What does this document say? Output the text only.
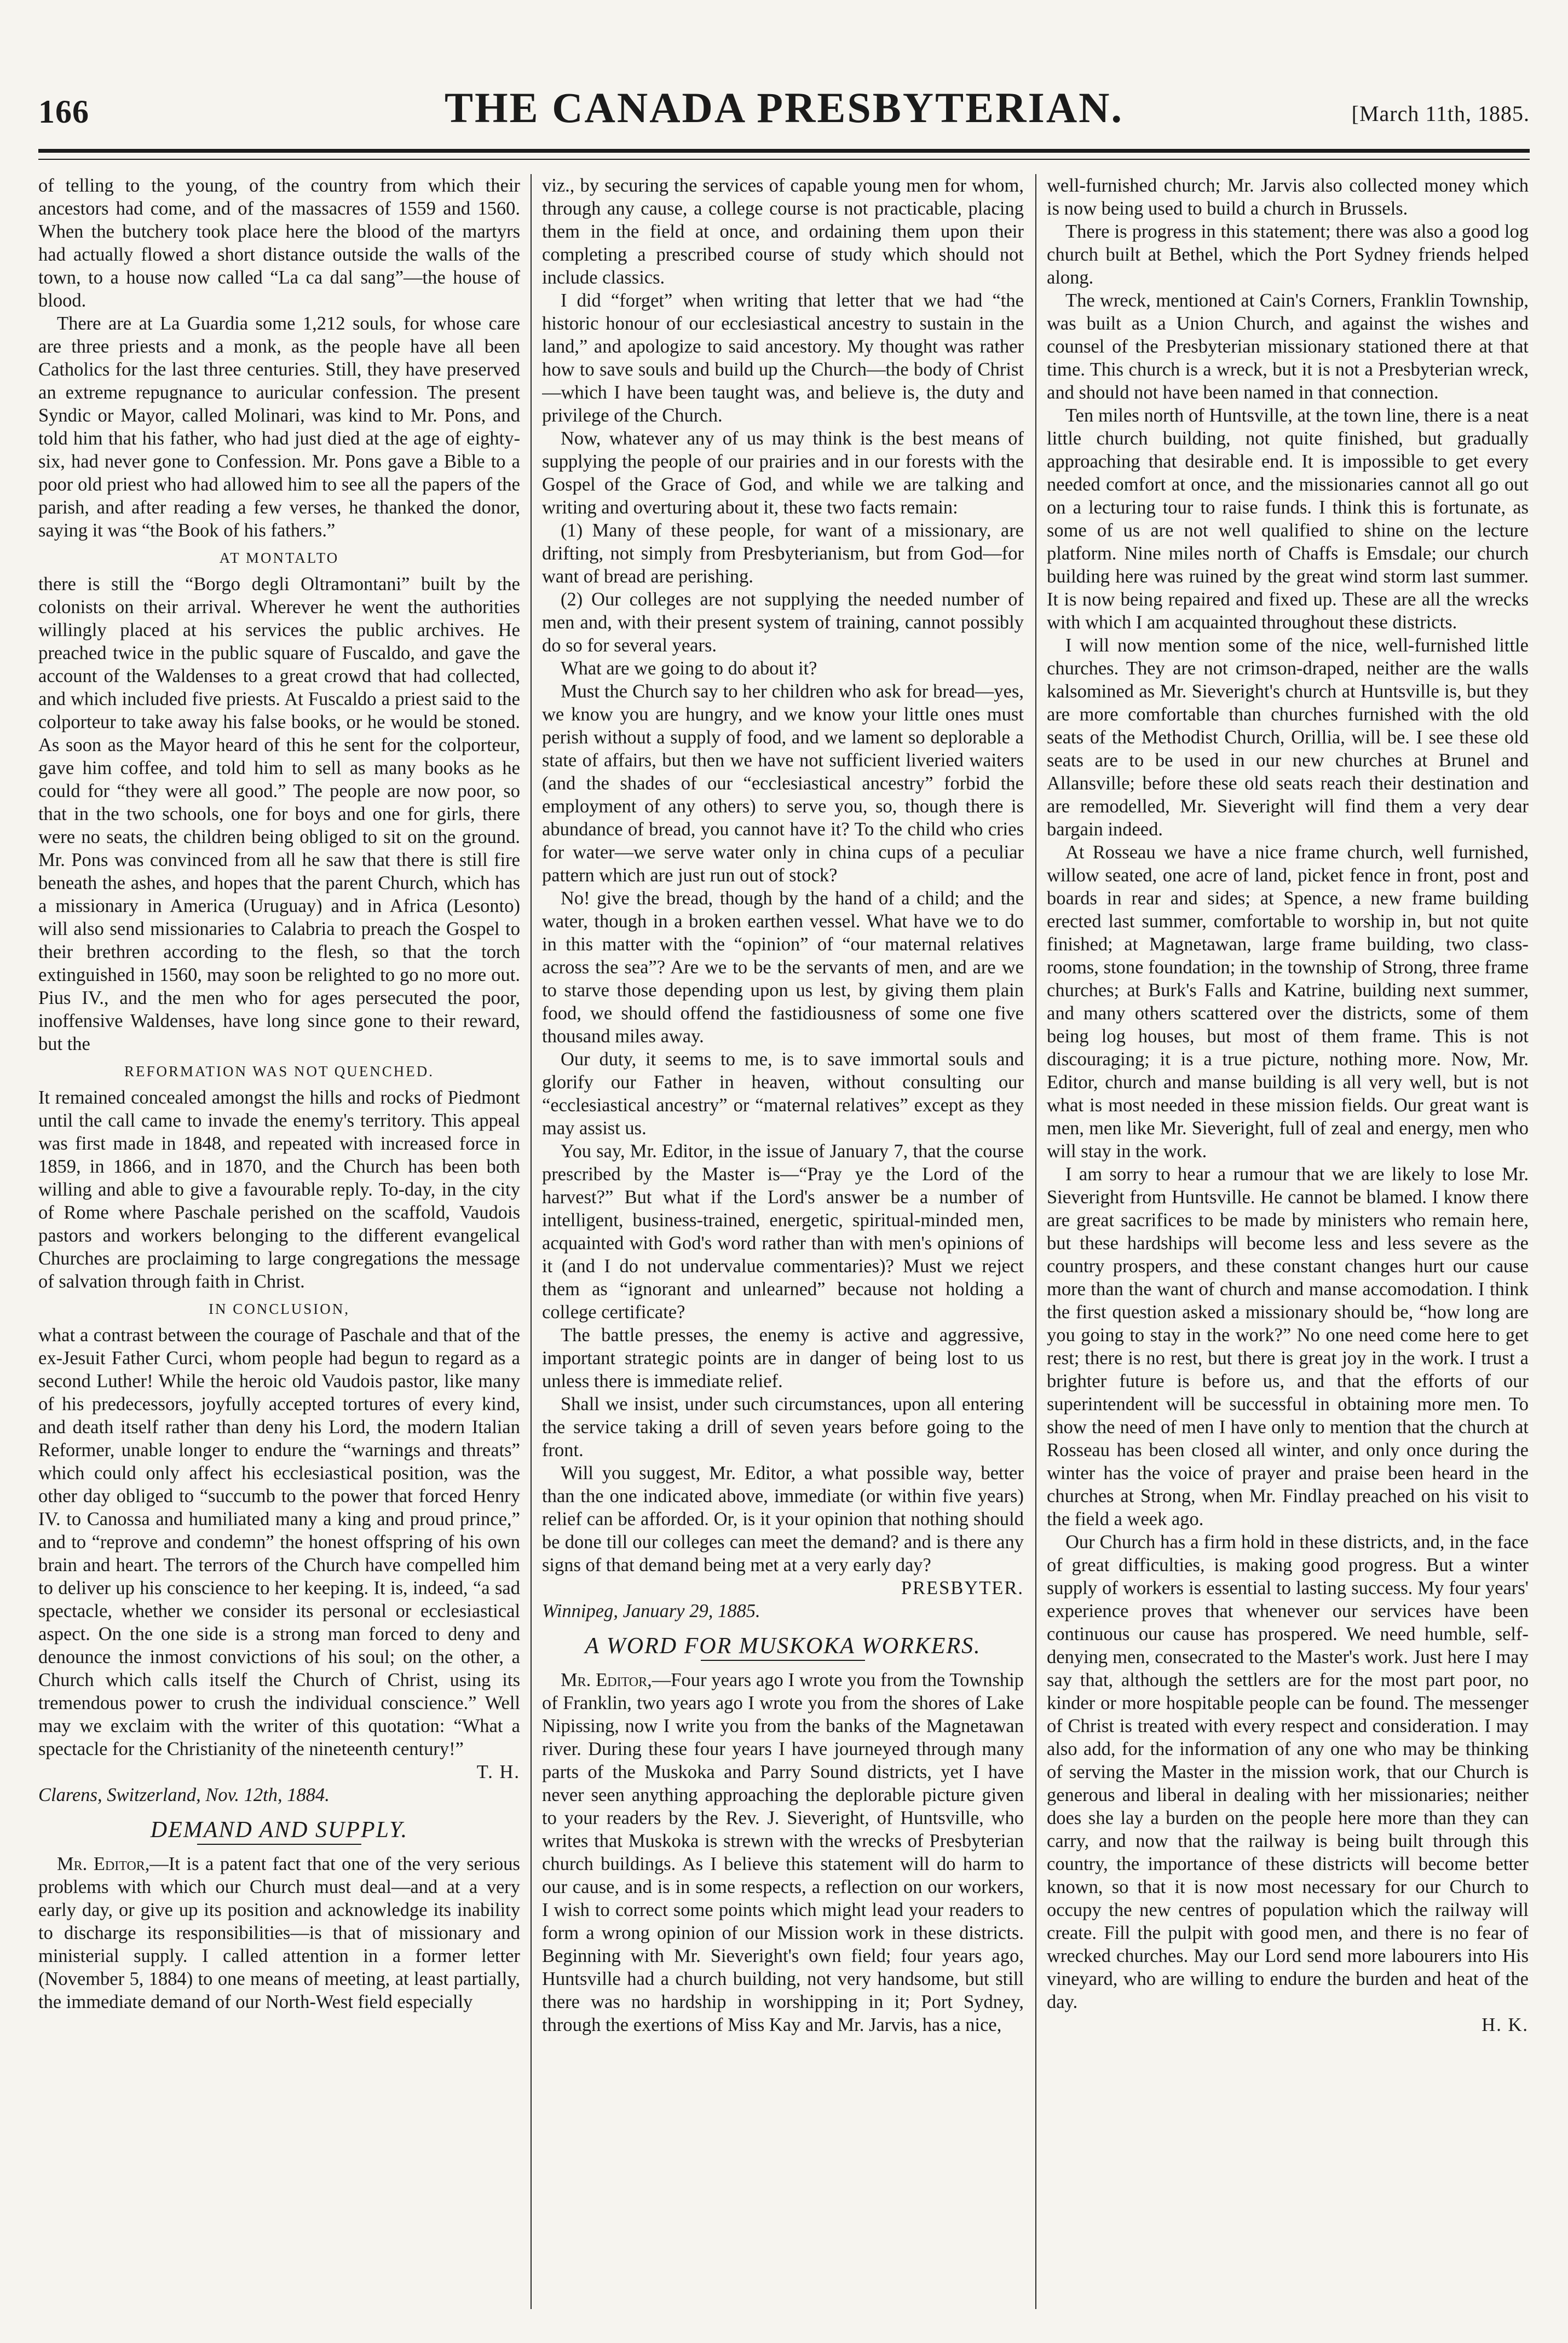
166	THE CANADA PRESBYTERIAN.	[March 11th, 1885.

of telling to the young, of the country from which their ancestors had come, and of the massacres of 1559 and 1560. When the butchery took place here the blood of the martyrs had actually flowed a short distance outside the walls of the town, to a house now called “La ca dal sang”—the house of blood.

There are at La Guardia some 1,212 souls, for whose care are three priests and a monk, as the people have all been Catholics for the last three centuries. Still, they have preserved an extreme repugnance to auricular confession. The present Syndic or Mayor, called Molinari, was kind to Mr. Pons, and told him that his father, who had just died at the age of eighty-six, had never gone to Confession. Mr. Pons gave a Bible to a poor old priest who had allowed him to see all the papers of the parish, and after reading a few verses, he thanked the donor, saying it was “the Book of his fathers.”

AT MONTALTO

there is still the “Borgo degli Oltramontani” built by the colonists on their arrival. Wherever he went the authorities willingly placed at his services the public archives. He preached twice in the public square of Fuscaldo, and gave the account of the Waldenses to a great crowd that had collected, and which included five priests. At Fuscaldo a priest said to the colporteur to take away his false books, or he would be stoned. As soon as the Mayor heard of this he sent for the colporteur, gave him coffee, and told him to sell as many books as he could for “they were all good.” The people are now poor, so that in the two schools, one for boys and one for girls, there were no seats, the children being obliged to sit on the ground. Mr. Pons was convinced from all he saw that there is still fire beneath the ashes, and hopes that the parent Church, which has a missionary in America (Uruguay) and in Africa (Lesonto) will also send missionaries to Calabria to preach the Gospel to their brethren according to the flesh, so that the torch extinguished in 1560, may soon be relighted to go no more out. Pius IV., and the men who for ages persecuted the poor, inoffensive Waldenses, have long since gone to their reward, but the

REFORMATION WAS NOT QUENCHED.

It remained concealed amongst the hills and rocks of Piedmont until the call came to invade the enemy's territory. This appeal was first made in 1848, and repeated with increased force in 1859, in 1866, and in 1870, and the Church has been both willing and able to give a favourable reply. To-day, in the city of Rome where Paschale perished on the scaffold, Vaudois pastors and workers belonging to the different evangelical Churches are proclaiming to large congregations the message of salvation through faith in Christ.

IN CONCLUSION,

what a contrast between the courage of Paschale and that of the ex-Jesuit Father Curci, whom people had begun to regard as a second Luther! While the heroic old Vaudois pastor, like many of his predecessors, joyfully accepted tortures of every kind, and death itself rather than deny his Lord, the modern Italian Reformer, unable longer to endure the “warnings and threats” which could only affect his ecclesiastical position, was the other day obliged to “succumb to the power that forced Henry IV. to Canossa and humiliated many a king and proud prince,” and to “reprove and condemn” the honest offspring of his own brain and heart. The terrors of the Church have compelled him to deliver up his conscience to her keeping. It is, indeed, “a sad spectacle, whether we consider its personal or ecclesiastical aspect. On the one side is a strong man forced to deny and denounce the inmost convictions of his soul; on the other, a Church which calls itself the Church of Christ, using its tremendous power to crush the individual conscience.” Well may we exclaim with the writer of this quotation: “What a spectacle for the Christianity of the nineteenth century!”

T. H.

Clarens, Switzerland, Nov. 12th, 1884.

DEMAND AND SUPPLY.

Mr. Editor,—It is a patent fact that one of the very serious problems with which our Church must deal—and at a very early day, or give up its position and acknowledge its inability to discharge its responsibilities—is that of missionary and ministerial supply. I called attention in a former letter (November 5, 1884) to one means of meeting, at least partially, the immediate demand of our North-West field especially

viz., by securing the services of capable young men for whom, through any cause, a college course is not practicable, placing them in the field at once, and ordaining them upon their completing a prescribed course of study which should not include classics.

I did “forget” when writing that letter that we had “the historic honour of our ecclesiastical ancestry to sustain in the land,” and apologize to said ancestory. My thought was rather how to save souls and build up the Church—the body of Christ—which I have been taught was, and believe is, the duty and privilege of the Church.

Now, whatever any of us may think is the best means of supplying the people of our prairies and in our forests with the Gospel of the Grace of God, and while we are talking and writing and overturing about it, these two facts remain:

(1) Many of these people, for want of a missionary, are drifting, not simply from Presbyterianism, but from God—for want of bread are perishing.

(2) Our colleges are not supplying the needed number of men and, with their present system of training, cannot possibly do so for several years.

What are we going to do about it?

Must the Church say to her children who ask for bread—yes, we know you are hungry, and we know your little ones must perish without a supply of food, and we lament so deplorable a state of affairs, but then we have not sufficient liveried waiters (and the shades of our “ecclesiastical ancestry” forbid the employment of any others) to serve you, so, though there is abundance of bread, you cannot have it? To the child who cries for water—we serve water only in china cups of a peculiar pattern which are just run out of stock?

No! give the bread, though by the hand of a child; and the water, though in a broken earthen vessel. What have we to do in this matter with the “opinion” of “our maternal relatives across the sea”? Are we to be the servants of men, and are we to starve those depending upon us lest, by giving them plain food, we should offend the fastidiousness of some one five thousand miles away.

Our duty, it seems to me, is to save immortal souls and glorify our Father in heaven, without consulting our “ecclesiastical ancestry” or “maternal relatives” except as they may assist us.

You say, Mr. Editor, in the issue of January 7, that the course prescribed by the Master is—“Pray ye the Lord of the harvest?” But what if the Lord's answer be a number of intelligent, business-trained, energetic, spiritual-minded men, acquainted with God's word rather than with men's opinions of it (and I do not undervalue commentaries)? Must we reject them as “ignorant and unlearned” because not holding a college certificate?

The battle presses, the enemy is active and aggressive, important strategic points are in danger of being lost to us unless there is immediate relief.

Shall we insist, under such circumstances, upon all entering the service taking a drill of seven years before going to the front.

Will you suggest, Mr. Editor, a what possible way, better than the one indicated above, immediate (or within five years) relief can be afforded. Or, is it your opinion that nothing should be done till our colleges can meet the demand? and is there any signs of that demand being met at a very early day?

PRESBYTER.

Winnipeg, January 29, 1885.

A WORD FOR MUSKOKA WORKERS.

Mr. Editor,—Four years ago I wrote you from the Township of Franklin, two years ago I wrote you from the shores of Lake Nipissing, now I write you from the banks of the Magnetawan river. During these four years I have journeyed through many parts of the Muskoka and Parry Sound districts, yet I have never seen anything approaching the deplorable picture given to your readers by the Rev. J. Sieveright, of Huntsville, who writes that Muskoka is strewn with the wrecks of Presbyterian church buildings. As I believe this statement will do harm to our cause, and is in some respects, a reflection on our workers, I wish to correct some points which might lead your readers to form a wrong opinion of our Mission work in these districts. Beginning with Mr. Sieveright's own field; four years ago, Huntsville had a church building, not very handsome, but still there was no hardship in worshipping in it; Port Sydney, through the exertions of Miss Kay and Mr. Jarvis, has a nice,

well-furnished church; Mr. Jarvis also collected money which is now being used to build a church in Brussels.

There is progress in this statement; there was also a good log church built at Bethel, which the Port Sydney friends helped along.

The wreck, mentioned at Cain's Corners, Franklin Township, was built as a Union Church, and against the wishes and counsel of the Presbyterian missionary stationed there at that time. This church is a wreck, but it is not a Presbyterian wreck, and should not have been named in that connection.

Ten miles north of Huntsville, at the town line, there is a neat little church building, not quite finished, but gradually approaching that desirable end. It is impossible to get every needed comfort at once, and the missionaries cannot all go out on a lecturing tour to raise funds. I think this is fortunate, as some of us are not well qualified to shine on the lecture platform. Nine miles north of Chaffs is Emsdale; our church building here was ruined by the great wind storm last summer. It is now being repaired and fixed up. These are all the wrecks with which I am acquainted throughout these districts.

I will now mention some of the nice, well-furnished little churches. They are not crimson-draped, neither are the walls kalsomined as Mr. Sieveright's church at Huntsville is, but they are more comfortable than churches furnished with the old seats of the Methodist Church, Orillia, will be. I see these old seats are to be used in our new churches at Brunel and Allansville; before these old seats reach their destination and are remodelled, Mr. Sieveright will find them a very dear bargain indeed.

At Rosseau we have a nice frame church, well furnished, willow seated, one acre of land, picket fence in front, post and boards in rear and sides; at Spence, a new frame building erected last summer, comfortable to worship in, but not quite finished; at Magnetawan, large frame building, two class-rooms, stone foundation; in the township of Strong, three frame churches; at Burk's Falls and Katrine, building next summer, and many others scattered over the districts, some of them being log houses, but most of them frame. This is not discouraging; it is a true picture, nothing more. Now, Mr. Editor, church and manse building is all very well, but is not what is most needed in these mission fields. Our great want is men, men like Mr. Sieveright, full of zeal and energy, men who will stay in the work.

I am sorry to hear a rumour that we are likely to lose Mr. Sieveright from Huntsville. He cannot be blamed. I know there are great sacrifices to be made by ministers who remain here, but these hardships will become less and less severe as the country prospers, and these constant changes hurt our cause more than the want of church and manse accomodation. I think the first question asked a missionary should be, “how long are you going to stay in the work?” No one need come here to get rest; there is no rest, but there is great joy in the work. I trust a brighter future is before us, and that the efforts of our superintendent will be successful in obtaining more men. To show the need of men I have only to mention that the church at Rosseau has been closed all winter, and only once during the winter has the voice of prayer and praise been heard in the churches at Strong, when Mr. Findlay preached on his visit to the field a week ago.

Our Church has a firm hold in these districts, and, in the face of great difficulties, is making good progress. But a winter supply of workers is essential to lasting success. My four years' experience proves that whenever our services have been continuous our cause has prospered. We need humble, self-denying men, consecrated to the Master's work. Just here I may say that, although the settlers are for the most part poor, no kinder or more hospitable people can be found. The messenger of Christ is treated with every respect and consideration. I may also add, for the information of any one who may be thinking of serving the Master in the mission work, that our Church is generous and liberal in dealing with her missionaries; neither does she lay a burden on the people here more than they can carry, and now that the railway is being built through this country, the importance of these districts will become better known, so that it is now most necessary for our Church to occupy the new centres of population which the railway will create. Fill the pulpit with good men, and there is no fear of wrecked churches. May our Lord send more labourers into His vineyard, who are willing to endure the burden and heat of the day.

H. K.
